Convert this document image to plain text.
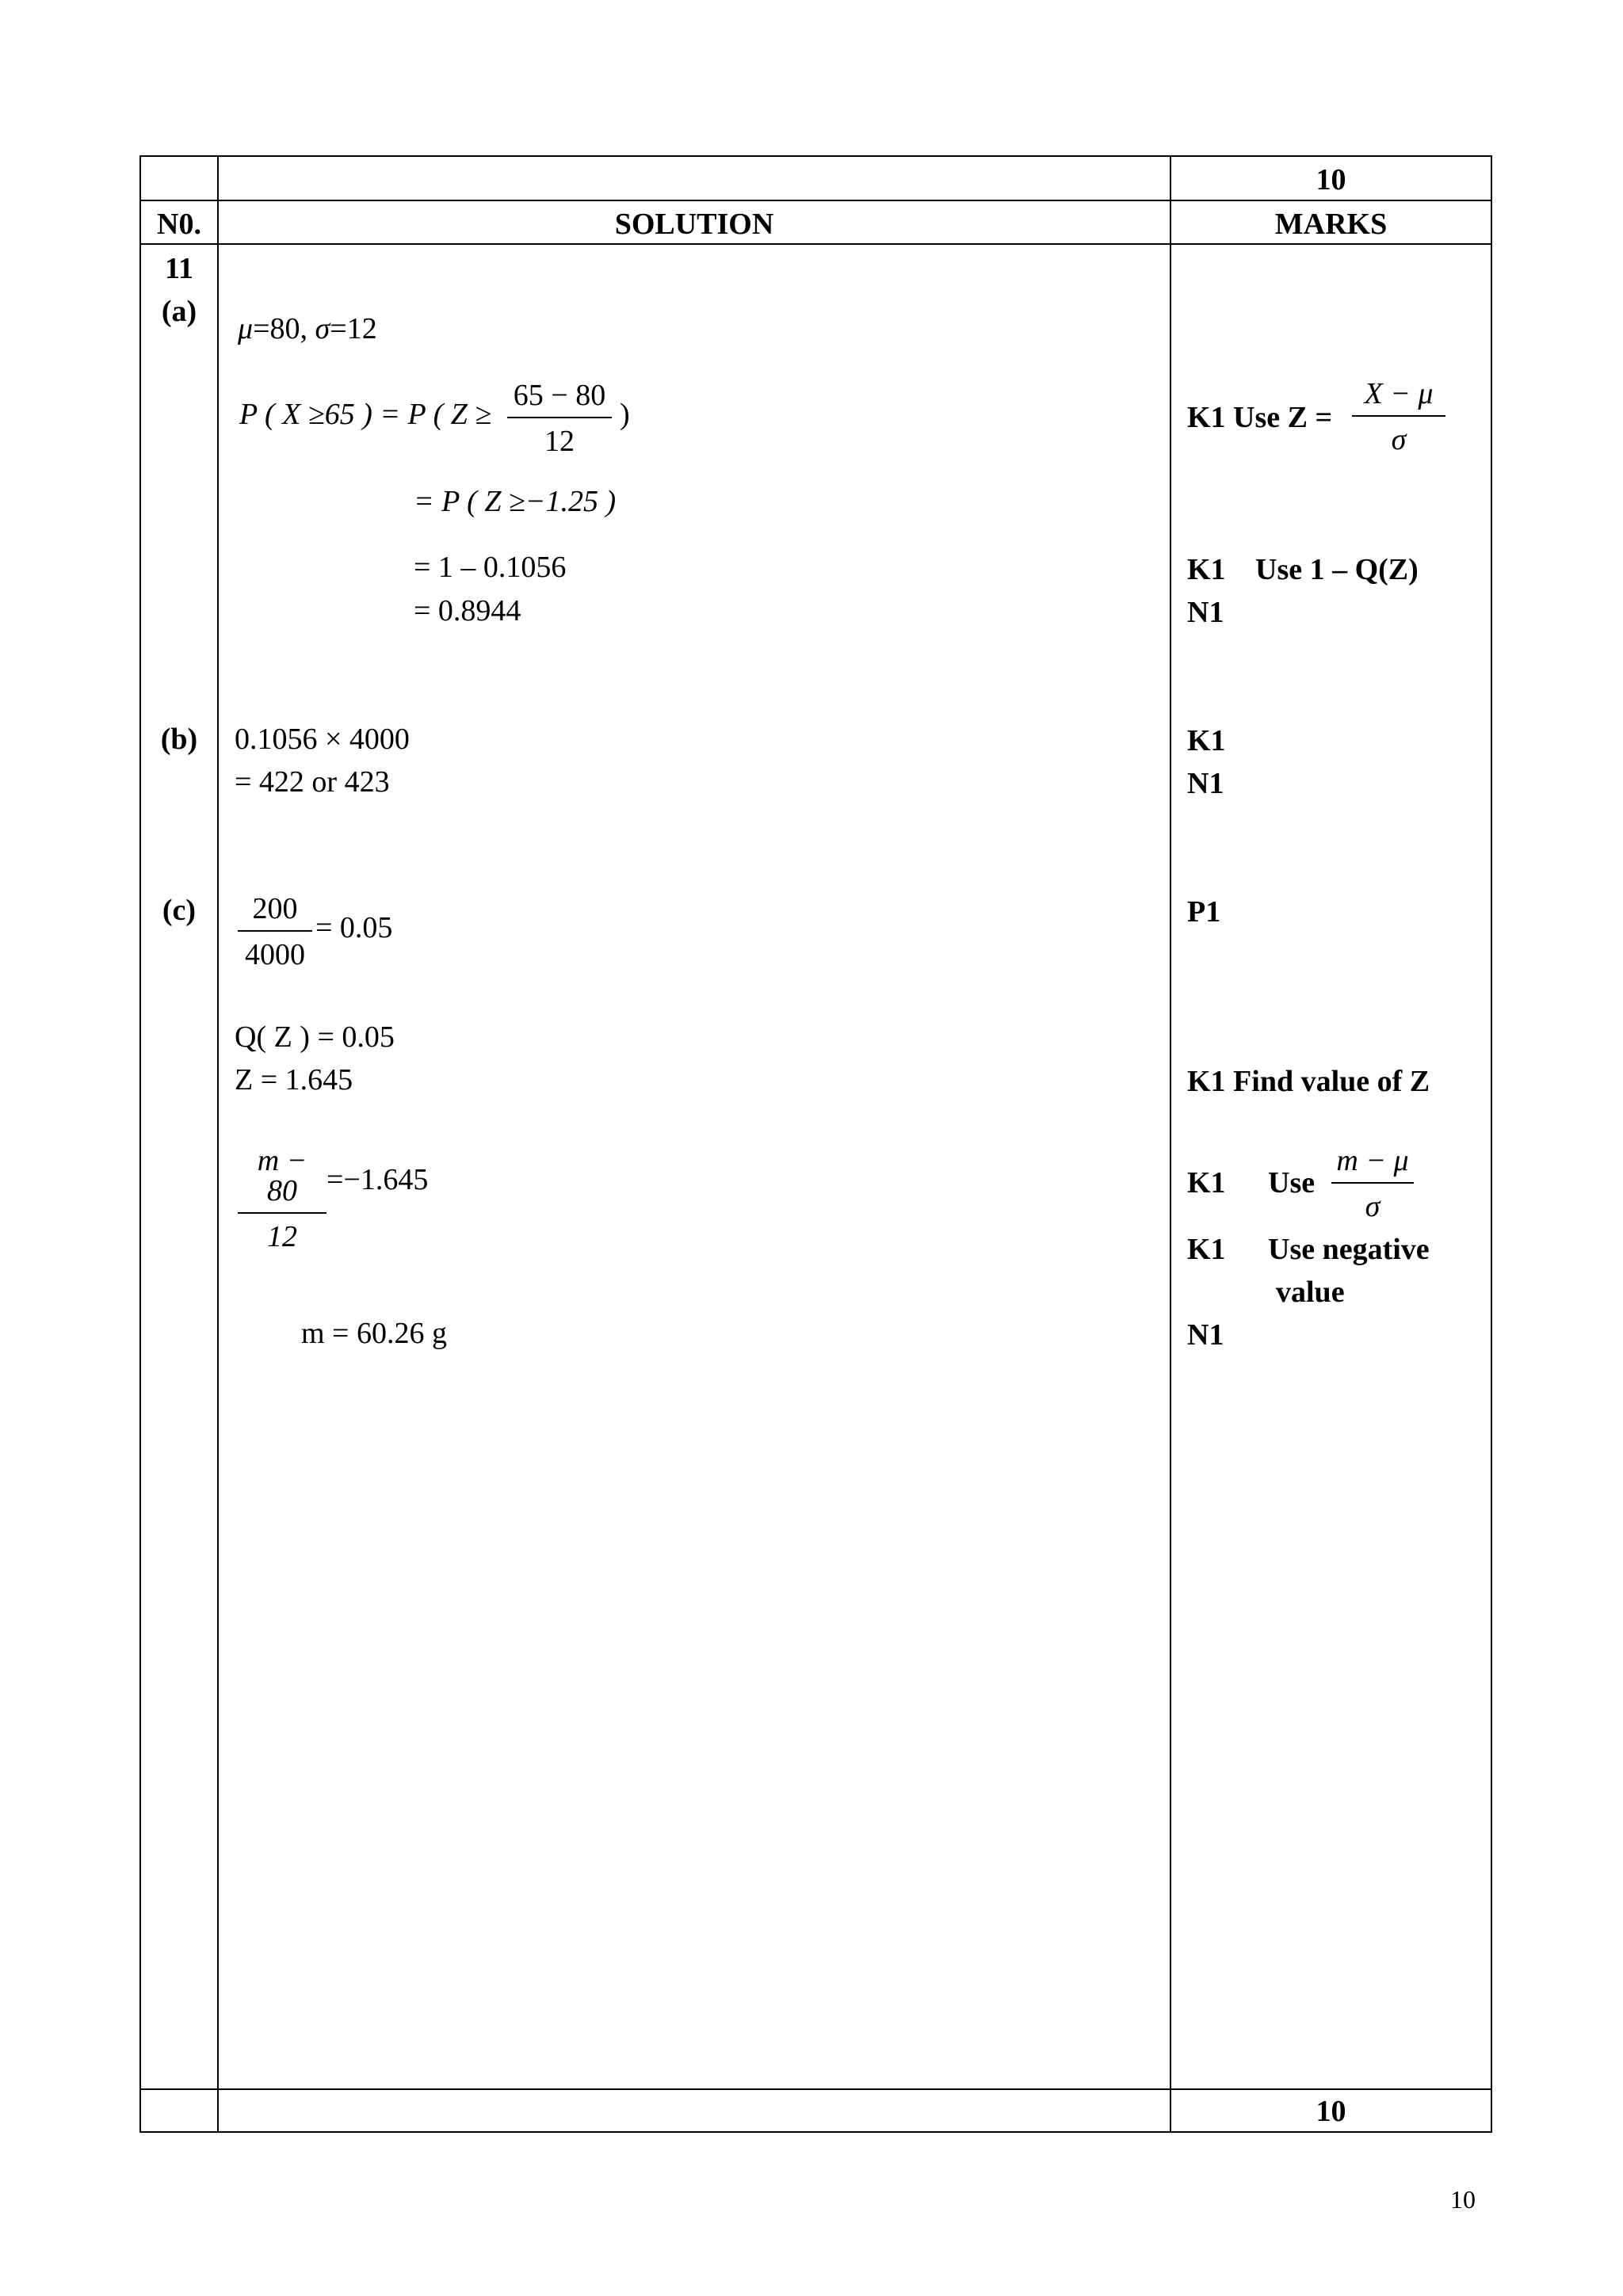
10
N0.	SOLUTION	MARKS
11
(a)
(b)
(c)
μ=80, σ=12
P ( X ≥65 ) = P ( Z ≥
65 − 80
12
)
= P ( Z ≥−1.25 )
= 1 – 0.1056
= 0.8944
K1 Use Z =
X − μ
σ
K1 Use 1 – Q(Z)
N1
0.1056 × 4000
= 422 or 423
K1
N1
200
4000
= 0.05
Q( Z ) = 0.05
Z = 1.645
m − 80
12
=−1.645
m = 60.26 g
P1
K1 Find value of Z
K1 Use
m − μ
σ
K1 Use negative
value
N1
10
10
